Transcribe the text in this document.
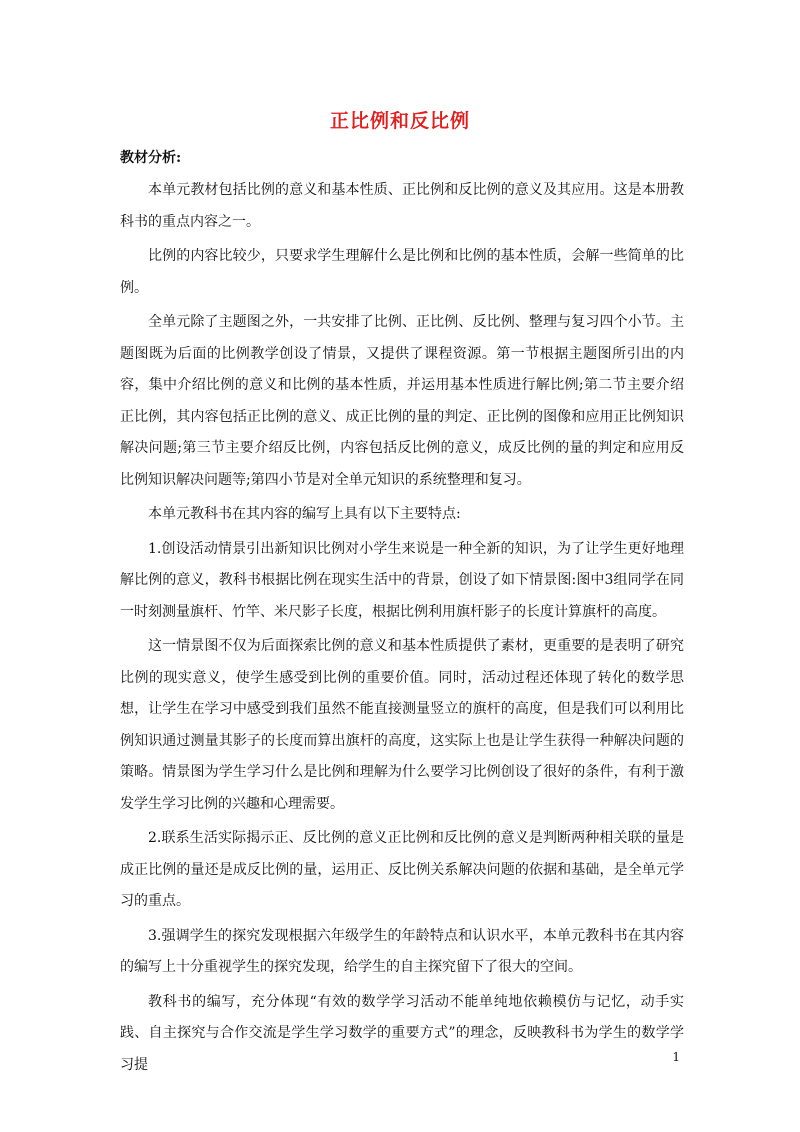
正比例和反比例
教材分析:

本单元教材包括比例的意义和基本性质、正比例和反比例的意义及其应用。这是本册教科书的重点内容之一。

比例的内容比较少，只要求学生理解什么是比例和比例的基本性质，会解一些简单的比例。

全单元除了主题图之外，一共安排了比例、正比例、反比例、整理与复习四个小节。主题图既为后面的比例教学创设了情景，又提供了课程资源。第一节根据主题图所引出的内容，集中介绍比例的意义和比例的基本性质，并运用基本性质进行解比例;第二节主要介绍正比例，其内容包括正比例的意义、成正比例的量的判定、正比例的图像和应用正比例知识解决问题;第三节主要介绍反比例，内容包括反比例的意义，成反比例的量的判定和应用反比例知识解决问题等;第四小节是对全单元知识的系统整理和复习。

本单元教科书在其内容的编写上具有以下主要特点:

1.创设活动情景引出新知识比例对小学生来说是一种全新的知识，为了让学生更好地理解比例的意义，教科书根据比例在现实生活中的背景，创设了如下情景图:图中3组同学在同一时刻测量旗杆、竹竿、米尺影子长度，根据比例利用旗杆影子的长度计算旗杆的高度。

这一情景图不仅为后面探索比例的意义和基本性质提供了素材，更重要的是表明了研究比例的现实意义，使学生感受到比例的重要价值。同时，活动过程还体现了转化的数学思想，让学生在学习中感受到我们虽然不能直接测量竖立的旗杆的高度，但是我们可以利用比例知识通过测量其影子的长度而算出旗杆的高度，这实际上也是让学生获得一种解决问题的策略。情景图为学生学习什么是比例和理解为什么要学习比例创设了很好的条件，有利于激发学生学习比例的兴趣和心理需要。

2.联系生活实际揭示正、反比例的意义正比例和反比例的意义是判断两种相关联的量是成正比例的量还是成反比例的量，运用正、反比例关系解决问题的依据和基础，是全单元学习的重点。

3.强调学生的探究发现根据六年级学生的年龄特点和认识水平，本单元教科书在其内容的编写上十分重视学生的探究发现，给学生的自主探究留下了很大的空间。

教科书的编写，充分体现“有效的数学学习活动不能单纯地依赖模仿与记忆，动手实践、自主探究与合作交流是学生学习数学的重要方式”的理念，反映教科书为学生的数学学习提	1
